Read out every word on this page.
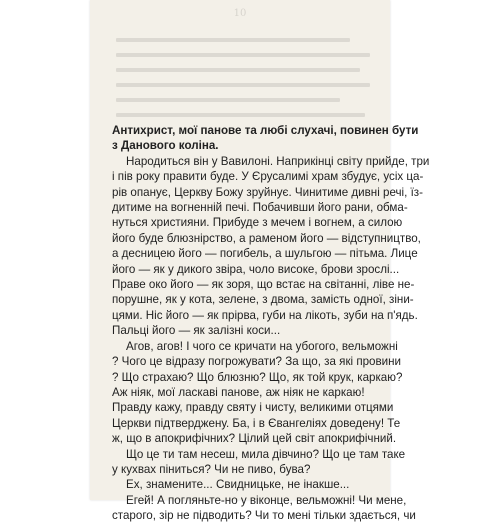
10
Антихрист, мої панове та любі слухачі, повинен бути
з Данового коліна.
Народиться він у Вавилоні. Наприкінці світу прийде, три
і пів року правити буде. У Єрусалимі храм збудує, усіх ца-
рів опанує, Церкву Божу зруйнує. Чинитиме дивні речі, їз-
дитиме на вогненній печі. Побачивши його рани, обма-
нуться християни. Прибуде з мечем і вогнем, а силою
його буде блюзнірство, а раменом його — відступництво,
а десницею його — погибель, а шульгою — пітьма. Лице
його — як у дикого звіра, чоло високе, брови зрослі...
Праве око його — як зоря, що встає на світанні, ліве не-
порушне, як у кота, зелене, з двома, замість одної, зіни-
цями. Ніс його — як прірва, губи на лікоть, зуби на п'ядь.
Пальці його — як залізні коси...
Агов, агов! І чого се кричати на убогого, вельможні
? Чого це відразу погрожувати? За що, за які провини
? Що страхаю? Що блюзню? Що, як той крук, каркаю?
Аж ніяк, мої ласкаві панове, аж ніяк не каркаю!
Правду кажу, правду святу і чисту, великими отцями
Церкви підтверджену. Ба, і в Євангеліях доведену! Те
ж, що в апокрифічних? Цілий цей світ апокрифічний.
Що це ти там несеш, мила дівчино? Що це там таке
у кухвах піниться? Чи не пиво, бува?
Ех, знамените... Свидницьке, не інакше...
Егей! А погляньте-но у віконце, вельможні! Чи мене,
старого, зір не підводить? Чи то мені тільки здається, чи
